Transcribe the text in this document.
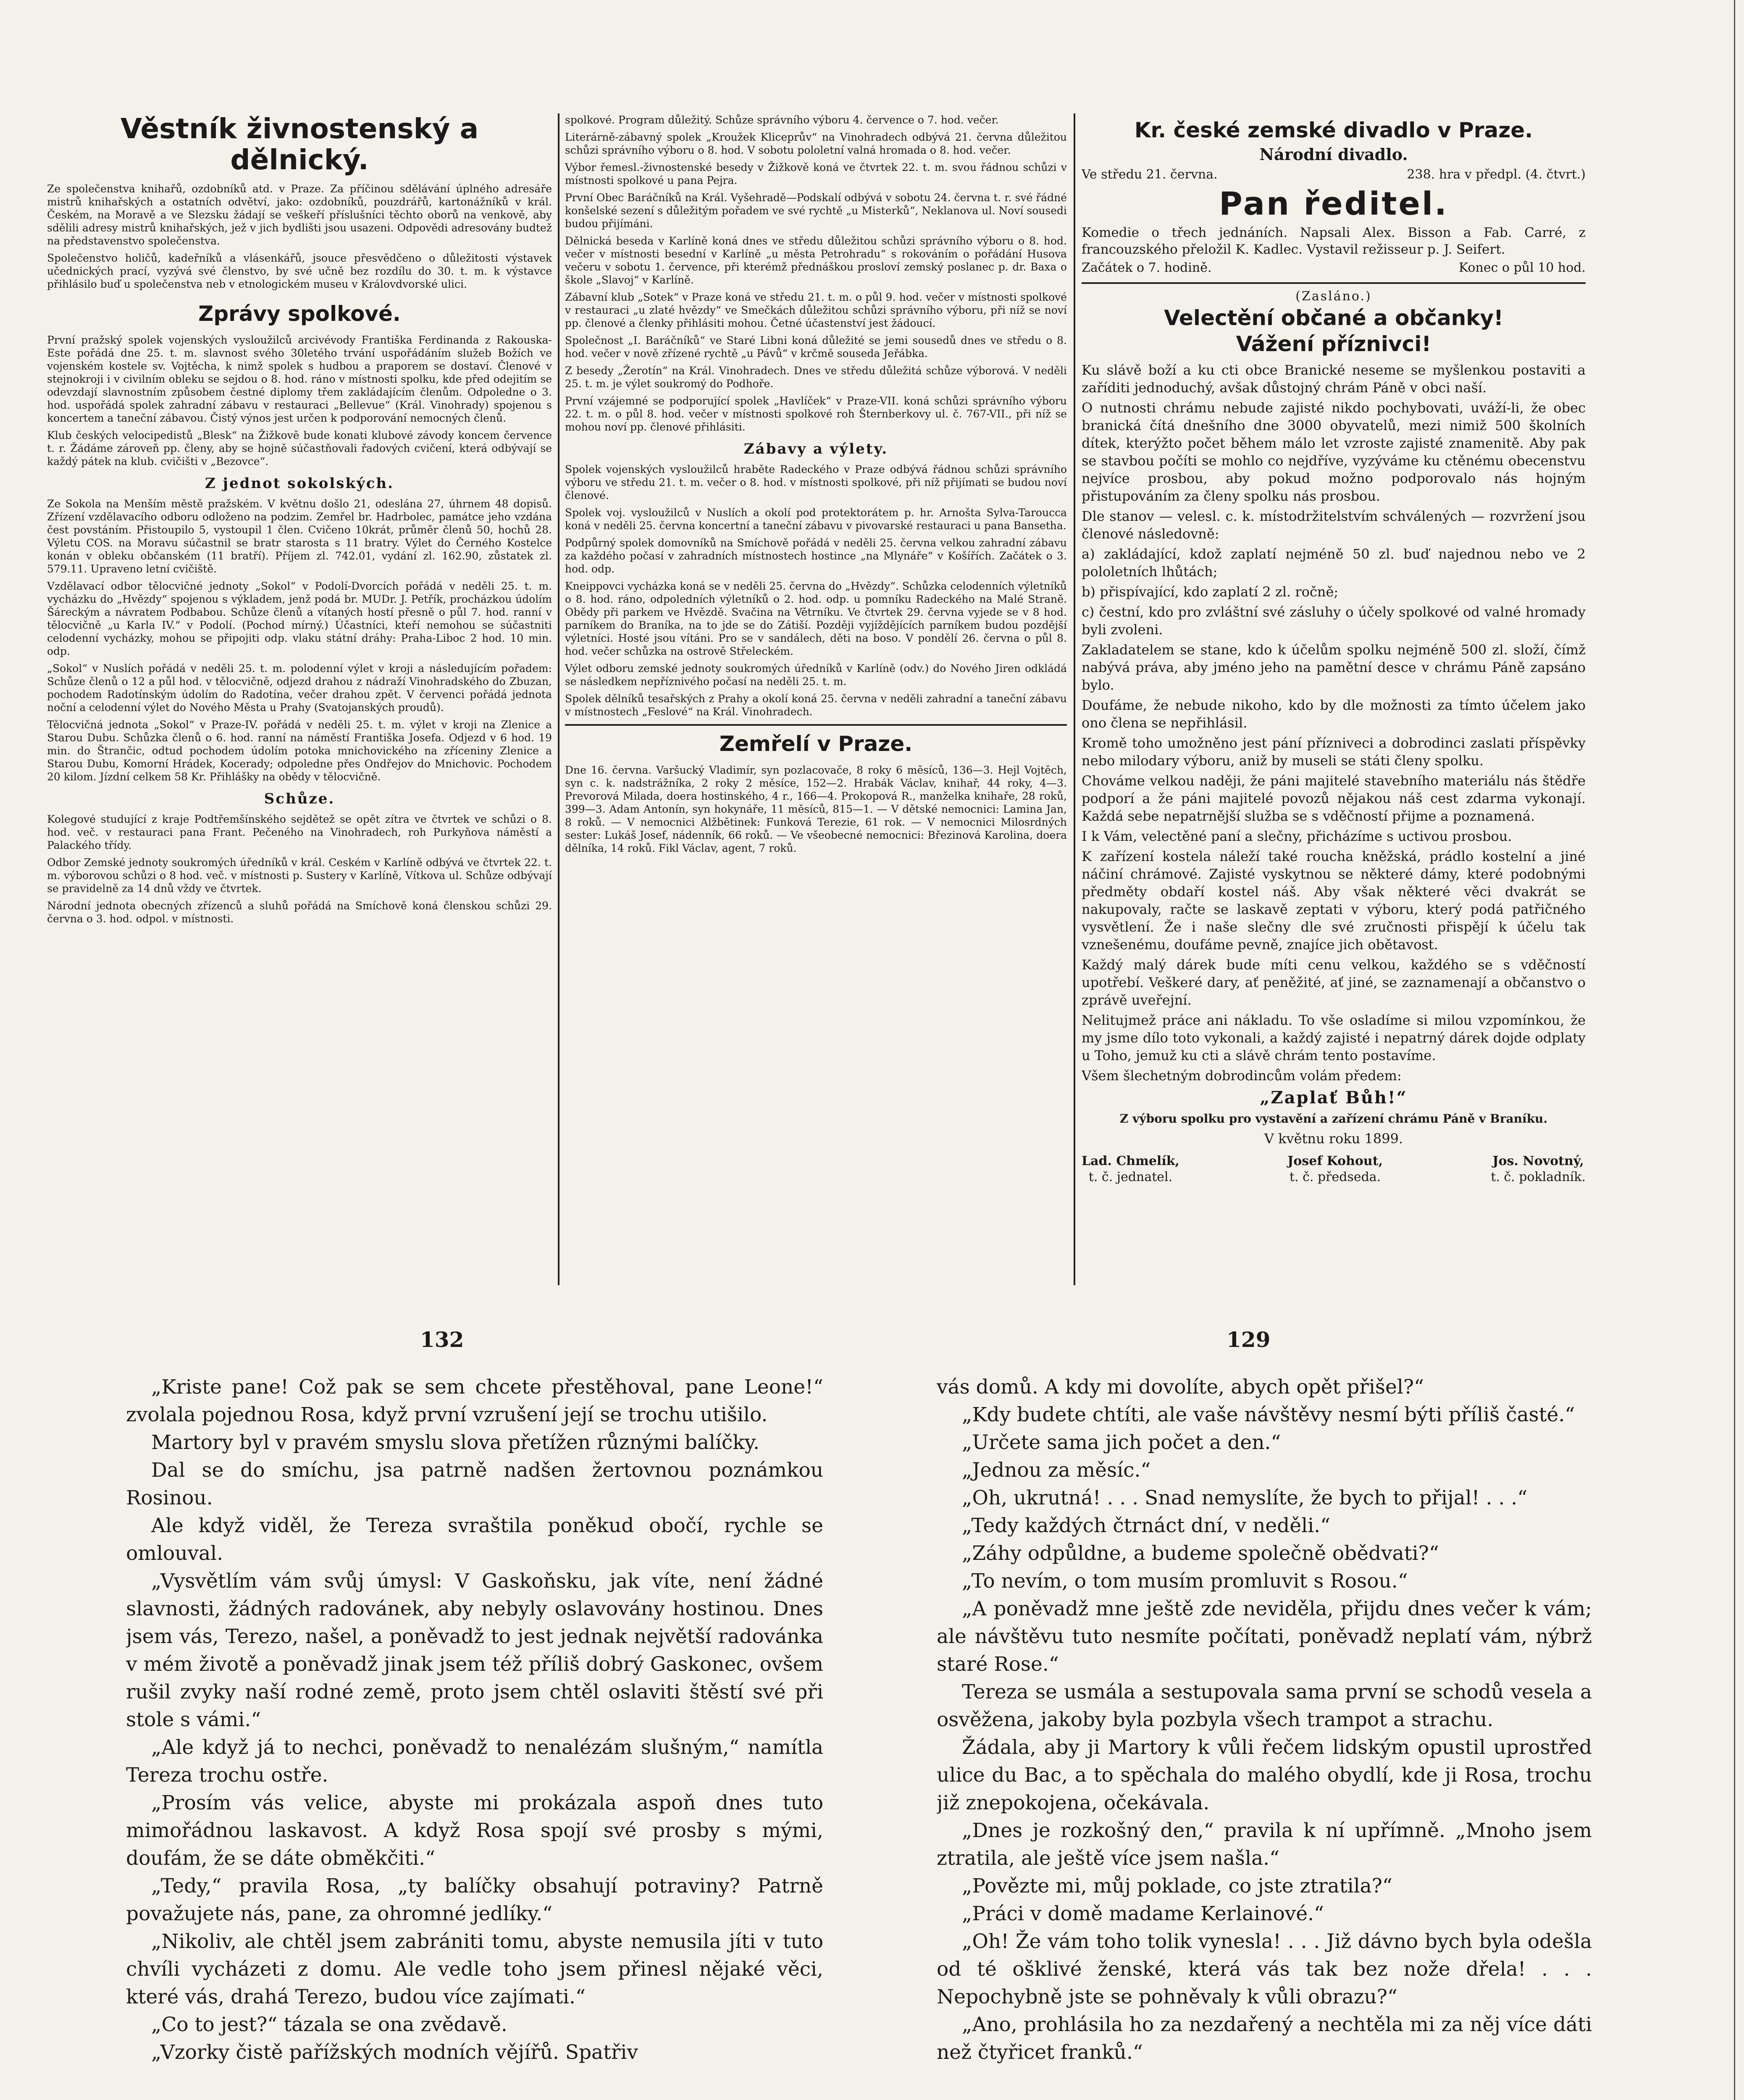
Věstník živnostenský a dělnický.

Ze společenstva knihařů, ozdobníků atd. v Praze. Za příčinou sdělávání úplného adresáře mistrů knihařských a ostatních odvětví, jako: ozdobníků, pouzdrářů, kartonážníků v král. Českém, na Moravě a ve Slezsku žádají se veškeří příslušníci těchto oborů na venkově, aby sdělili adresy mistrů knihařských, jež v jich bydlišti jsou usazeni. Odpovědi adresovány budtež na představenstvo společenstva.

Společenstvo holičů, kadeřníků a vlásenkářů, jsouce přesvědčeno o důležitosti výstavek učednických prací, vyzývá své členstvo, by své učně bez rozdílu do 30. t. m. k výstavce přihlásilo buď u společenstva neb v etnologickém museu v Královdvorské ulici.

Zprávy spolkové.

První pražský spolek vojenských vysloužilců arcivévody Františka Ferdinanda z Rakouska-Este pořádá dne 25. t. m. slavnost svého 30letého trvání uspořádáním služeb Božích ve vojenském kostele sv. Vojtěcha, k nimž spolek s hudbou a praporem se dostaví. Členové v stejnokroji i v civilním obleku se sejdou o 8. hod. ráno v místnosti spolku, kde před odejitím se odevzdají slavnostním způsobem čestné diplomy třem zakládajícím členům. Odpoledne o 3. hod. uspořádá spolek zahradní zábavu v restauraci „Bellevue“ (Král. Vinohrady) spojenou s koncertem a taneční zábavou. Čistý výnos jest určen k podporování nemocných členů.

Klub českých velocipedistů „Blesk“ na Žižkově bude konati klubové závody koncem července t. r. Žádáme zároveň pp. členy, aby se hojně súčastňovali řadových cvičení, která odbývají se každý pátek na klub. cvičišti v „Bezovce“.

Z jednot sokolských.

Ze Sokola na Menším městě pražském. V květnu došlo 21, odeslána 27, úhrnem 48 dopisů. Zřízení vzdělavacího odboru odloženo na podzim. Zemřel br. Hadrbolec, památce jeho vzdána čest povstáním. Přistoupilo 5, vystoupil 1 člen. Cvičeno 10krát, průměr členů 50, hochů 28. Výletu COS. na Moravu súčastnil se bratr starosta s 11 bratry. Výlet do Černého Kostelce konán v obleku občanském (11 bratří). Příjem zl. 742.01, vydání zl. 162.90, zůstatek zl. 579.11. Upraveno letní cvičiště.

Vzdělavací odbor tělocvičné jednoty „Sokol“ v Podolí-Dvorcích pořádá v neděli 25. t. m. vycházku do „Hvězdy“ spojenou s výkladem, jenž podá br. MUDr. J. Petřík, procházkou údolím Šáreckým a návratem Podbabou. Schůze členů a vítaných hostí přesně o půl 7. hod. ranní v tělocvičně „u Karla IV.“ v Podolí. (Pochod mírný.) Účastníci, kteří nemohou se súčastniti celodenní vycházky, mohou se připojiti odp. vlaku státní dráhy: Praha-Liboc 2 hod. 10 min. odp.

„Sokol“ v Nuslích pořádá v neděli 25. t. m. polodenní výlet v kroji a následujícím pořadem: Schůze členů o 12 a půl hod. v tělocvičně, odjezd drahou z nádraží Vinohradského do Zbuzan, pochodem Radotínským údolím do Radotína, večer drahou zpět. V červenci pořádá jednota noční a celodenní výlet do Nového Města u Prahy (Svatojanských proudů).

Tělocvičná jednota „Sokol“ v Praze-IV. pořádá v neděli 25. t. m. výlet v kroji na Zlenice a Starou Dubu. Schůzka členů o 6. hod. ranní na náměstí Františka Josefa. Odjezd v 6 hod. 19 min. do Štrančic, odtud pochodem údolím potoka mnichovického na zříceniny Zlenice a Starou Dubu, Komorní Hrádek, Kocerady; odpoledne přes Ondřejov do Mnichovic. Pochodem 20 kilom. Jízdní celkem 58 Kr. Přihlášky na obědy v tělocvičně.

Schůze.

Kolegové studující z kraje Podtřemšínského sejdětež se opět zítra ve čtvrtek ve schůzi o 8. hod. več. v restauraci pana Frant. Pečeného na Vinohradech, roh Purkyňova náměstí a Palackého třídy.

Odbor Zemské jednoty soukromých úředníků v král. Ceském v Karlíně odbývá ve čtvrtek 22. t. m. výborovou schůzi o 8 hod. več. v místnosti p. Sustery v Karlíně, Vítkova ul. Schůze odbývají se pravidelně za 14 dnů vždy ve čtvrtek.

Národní jednota obecných zřízenců a sluhů pořádá na Smíchově koná členskou schůzi 29. června o 3. hod. odpol. v místnosti.

spolkové. Program důležitý. Schůze správního výboru 4. července o 7. hod. večer.

Literárně-zábavný spolek „Kroužek Kliceprův“ na Vinohradech odbývá 21. června důležitou schůzi správního výboru o 8. hod. V sobotu pololetní valná hromada o 8. hod. večer.

Výbor řemesl.-živnostenské besedy v Žižkově koná ve čtvrtek 22. t. m. svou řádnou schůzi v místnosti spolkové u pana Pejra.

První Obec Baráčníků na Král. Vyšehradě—Podskalí odbývá v sobotu 24. června t. r. své řádné konšelské sezení s důležitým pořadem ve své rychtě „u Misterků“, Neklanova ul. Noví sousedi budou přijímáni.

Dělnická beseda v Karlíně koná dnes ve středu důležitou schůzi správního výboru o 8. hod. večer v místnosti besední v Karlíně „u města Petrohradu“ s rokováním o pořádání Husova večeru v sobotu 1. července, při kterémž přednáškou prosloví zemský poslanec p. dr. Baxa o škole „Slavoj“ v Karlíně.

Zábavní klub „Sotek“ v Praze koná ve středu 21. t. m. o půl 9. hod. večer v místnosti spolkové v restauraci „u zlaté hvězdy“ ve Smečkách důležitou schůzi správního výboru, při níž se noví pp. členové a členky přihlásiti mohou. Četné účastenství jest žádoucí.

Společnost „I. Baráčníků“ ve Staré Libni koná důležité se jemi sousedů dnes ve středu o 8. hod. večer v nově zřízené rychtě „u Pávů“ v krčmě souseda Jeřábka.

Z besedy „Žerotín“ na Král. Vinohradech. Dnes ve středu důležitá schůze výborová. V neděli 25. t. m. je výlet soukromý do Podhoře.

První vzájemné se podporující spolek „Havlíček“ v Praze-VII. koná schůzi správního výboru 22. t. m. o půl 8. hod. večer v místnosti spolkové roh Šternberkovy ul. č. 767-VII., při níž se mohou noví pp. členové přihlásiti.

Zábavy a výlety.

Spolek vojenských vysloužilců hraběte Radeckého v Praze odbývá řádnou schůzi správního výboru ve středu 21. t. m. večer o 8. hod. v místnosti spolkové, při níž přijímati se budou noví členové.

Spolek voj. vysloužilců v Nuslích a okolí pod protektorátem p. hr. Arnošta Sylva-Tarouccа koná v neděli 25. června koncertní a taneční zábavu v pivovarské restauraci u pana Bansetha.

Podpůrný spolek domovníků na Smíchově pořádá v neděli 25. června velkou zahradní zábavu za každého počasí v zahradních místnostech hostince „na Mlynáře“ v Košířích. Začátek o 3. hod. odp.

Kneippovci vycházka koná se v neděli 25. června do „Hvězdy“. Schůzka celodenních výletníků o 8. hod. ráno, odpoledních výletníků o 2. hod. odp. u pomníku Radeckého na Malé Straně. Obědy při parkem ve Hvězdě. Svačina na Větrníku. Ve čtvrtek 29. června vyjede se v 8 hod. parníkem do Braníka, na to jde se do Zátiší. Později vyjíždějících parníkem budou pozdější výletníci. Hosté jsou vítáni. Pro se v sandálech, děti na boso. V pondělí 26. června o půl 8. hod. večer schůzka na ostrově Střeleckém.

Výlet odboru zemské jednoty soukromých úředníků v Karlíně (odv.) do Nového Jiren odkládá se následkem nepříznivého počasí na neděli 25. t. m.

Spolek dělníků tesařských z Prahy a okolí koná 25. června v neděli zahradní a taneční zábavu v místnostech „Feslové“ na Král. Vinohradech.

Zemřelí v Praze.

Dne 16. června. Varšucký Vladimír, syn pozlacovače, 8 roky 6 měsíců, 136—3. Hejl Vojtěch, syn c. k. nadstrážníka, 2 roky 2 měsíce, 152—2. Hrabák Václav, knihař, 44 roky, 4—3. Prevorová Milada, doera hostinského, 4 r., 166—4. Prokopová R., manželka knihaře, 28 roků, 399—3. Adam Antonín, syn hokynáře, 11 měsíců, 815—1. — V dětské nemocnici: Lamina Jan, 8 roků. — V nemocnici Alžbětinek: Funková Terezie, 61 rok. — V nemocnici Milosrdných sester: Lukáš Josef, nádenník, 66 roků. — Ve všeobecné nemocnici: Březinová Karolina, doera dělníka, 14 roků. Fikl Václav, agent, 7 roků.

Kr. české zemské divadlo v Praze.
Národní divadlo.
Ve středu 21. června.	238. hra v předpl. (4. čtvrt.)
Pan ředitel.
Komedie o třech jednáních. Napsali Alex. Bisson a Fab. Carré, z francouzského přeložil K. Kadlec. Vystavil režisseur p. J. Seifert.
Začátek o 7. hodině.	Konec o půl 10 hod.
(Zasláno.)
Velectění občané a občanky!
Vážení příznivci!

Ku slávě boží a ku cti obce Branické neseme se myšlenkou postaviti a zaříditi jednoduchý, avšak důstojný chrám Páně v obci naší.

O nutnosti chrámu nebude zajisté nikdo pochybovati, uváží-li, že obec branická čítá dnešního dne 3000 obyvatelů, mezi nimiž 500 školních dítek, kterýžto počet během málo let vzroste zajisté znamenitě. Aby pak se stavbou počíti se mohlo co nejdříve, vyzýváme ku ctěnému obecenstvu nejvíce prosbou, aby pokud možno podporovalo nás hojným přistupováním za členy spolku nás prosbou.

Dle stanov — velesl. c. k. místodržitelstvím schválených — rozvržení jsou členové následovně:

a) zakládající, kdož zaplatí nejméně 50 zl. buď najednou nebo ve 2 pololetních lhůtách;

b) přispívající, kdo zaplatí 2 zl. ročně;

c) čestní, kdo pro zvláštní své zásluhy o účely spolkové od valné hromady byli zvoleni.

Zakladatelem se stane, kdo k účelům spolku nejméně 500 zl. složí, čímž nabývá práva, aby jméno jeho na pamětní desce v chrámu Páně zapsáno bylo.

Doufáme, že nebude nikoho, kdo by dle možnosti za tímto účelem jako ono člena se nepřihlásil.

Kromě toho umožněno jest pání přízniveci a dobrodinci zaslati příspěvky nebo milodary výboru, aniž by museli se státi členy spolku.

Chováme velkou naději, že páni majitelé stavebního materiálu nás štědře podporí a že páni majitelé povozů nějakou náš cest zdarma vykonají. Každá sebe nepatrnější služba se s vděčností přijme a poznamená.

I k Vám, velectěné paní a slečny, přicházíme s uctivou prosbou.

K zařízení kostela náleží také roucha kněžská, prádlo kostelní a jiné náčiní chrámové. Zajisté vyskytnou se některé dámy, které podobnými předměty obdaří kostel náš. Aby však některé věci dvakrát se nakupovaly, račte se laskavě zeptati v výboru, který podá patřičného vysvětlení. Že i naše slečny dle své zručnosti přispějí k účelu tak vznešenému, doufáme pevně, znajíce jich obětavost.

Každý malý dárek bude míti cenu velkou, každého se s vděčností upotřebí. Veškeré dary, ať peněžité, ať jiné, se zaznamenají a občanstvo o zprávě uveřejní.

Nelitujmež práce ani nákladu. To vše osladíme si milou vzpomínkou, že my jsme dílo toto vykonali, a každý zajisté i nepatrný dárek dojde odplaty u Toho, jemuž ku cti a slávě chrám tento postavíme.

Všem šlechetným dobrodincům volám předem:

„Zaplať Bůh!“
Z výboru spolku pro vystavění a zařízení chrámu Páně v Braníku.
V květnu roku 1899.
Lad. Chmelík,
t. č. jednatel.
Josef Kohout,
t. č. předseda.
Jos. Novotný,
t. č. pokladník.
132

„Kriste pane! Což pak se sem chcete přestěhoval, pane Leone!“ zvolala pojednou Rosa, když první vzrušení její se trochu utišilo.

Martory byl v pravém smyslu slova přetížen různými balíčky.

Dal se do smíchu, jsa patrně nadšen žertovnou poznámkou Rosinou.

Ale když viděl, že Tereza svraštila poněkud obočí, rychle se omlouval.

„Vysvětlím vám svůj úmysl: V Gaskoňsku, jak víte, není žádné slavnosti, žádných radovánek, aby nebyly oslavovány hostinou. Dnes jsem vás, Terezo, našel, a poněvadž to jest jednak největší radovánka v mém životě a poněvadž jinak jsem též příliš dobrý Gaskonec, ovšem rušil zvyky naší rodné země, proto jsem chtěl oslaviti štěstí své při stole s vámi.“

„Ale když já to nechci, poněvadž to nenalézám slušným,“ namítla Tereza trochu ostře.

„Prosím vás velice, abyste mi prokázala aspoň dnes tuto mimořádnou laskavost. A když Rosa spojí své prosby s mými, doufám, že se dáte obměkčiti.“

„Tedy,“ pravila Rosa, „ty balíčky obsahují potraviny? Patrně považujete nás, pane, za ohromné jedlíky.“

„Nikoliv, ale chtěl jsem zabrániti tomu, abyste nemusila jíti v tuto chvíli vycházeti z domu. Ale vedle toho jsem přinesl nějaké věci, které vás, drahá Terezo, budou více zajímati.“

„Co to jest?“ tázala se ona zvědavě.

„Vzorky čistě pařížských modních vějířů. Spatřiv

129

vás domů. A kdy mi dovolíte, abych opět přišel?“

„Kdy budete chtíti, ale vaše návštěvy nesmí býti příliš časté.“

„Určete sama jich počet a den.“

„Jednou za měsíc.“

„Oh, ukrutná! . . . Snad nemyslíte, že bych to přijal! . . .“

„Tedy každých čtrnáct dní, v neděli.“

„Záhy odpůldne, a budeme společně obědvati?“

„To nevím, o tom musím promluvit s Rosou.“

„A poněvadž mne ještě zde neviděla, přijdu dnes večer k vám; ale návštěvu tuto nesmíte počítati, poněvadž neplatí vám, nýbrž staré Rose.“

Tereza se usmála a sestupovala sama první se schodů vesela a osvěžena, jakoby byla pozbyla všech trampot a strachu.

Žádala, aby ji Martory k vůli řečem lidským opustil uprostřed ulice du Bac, a to spěchala do malého obydlí, kde ji Rosa, trochu již znepokojena, očekávala.

„Dnes je rozkošný den,“ pravila k ní upřímně. „Mnoho jsem ztratila, ale ještě více jsem našla.“

„Povězte mi, můj poklade, co jste ztratila?“

„Práci v domě madame Kerlainové.“

„Oh! Že vám toho tolik vynesla! . . . Již dávno bych byla odešla od té ošklivé ženské, která vás tak bez nože dřela! . . . Nepochybně jste se pohněvaly k vůli obrazu?“

„Ano, prohlásila ho za nezdařený a nechtěla mi za něj více dáti než čtyřicet franků.“
